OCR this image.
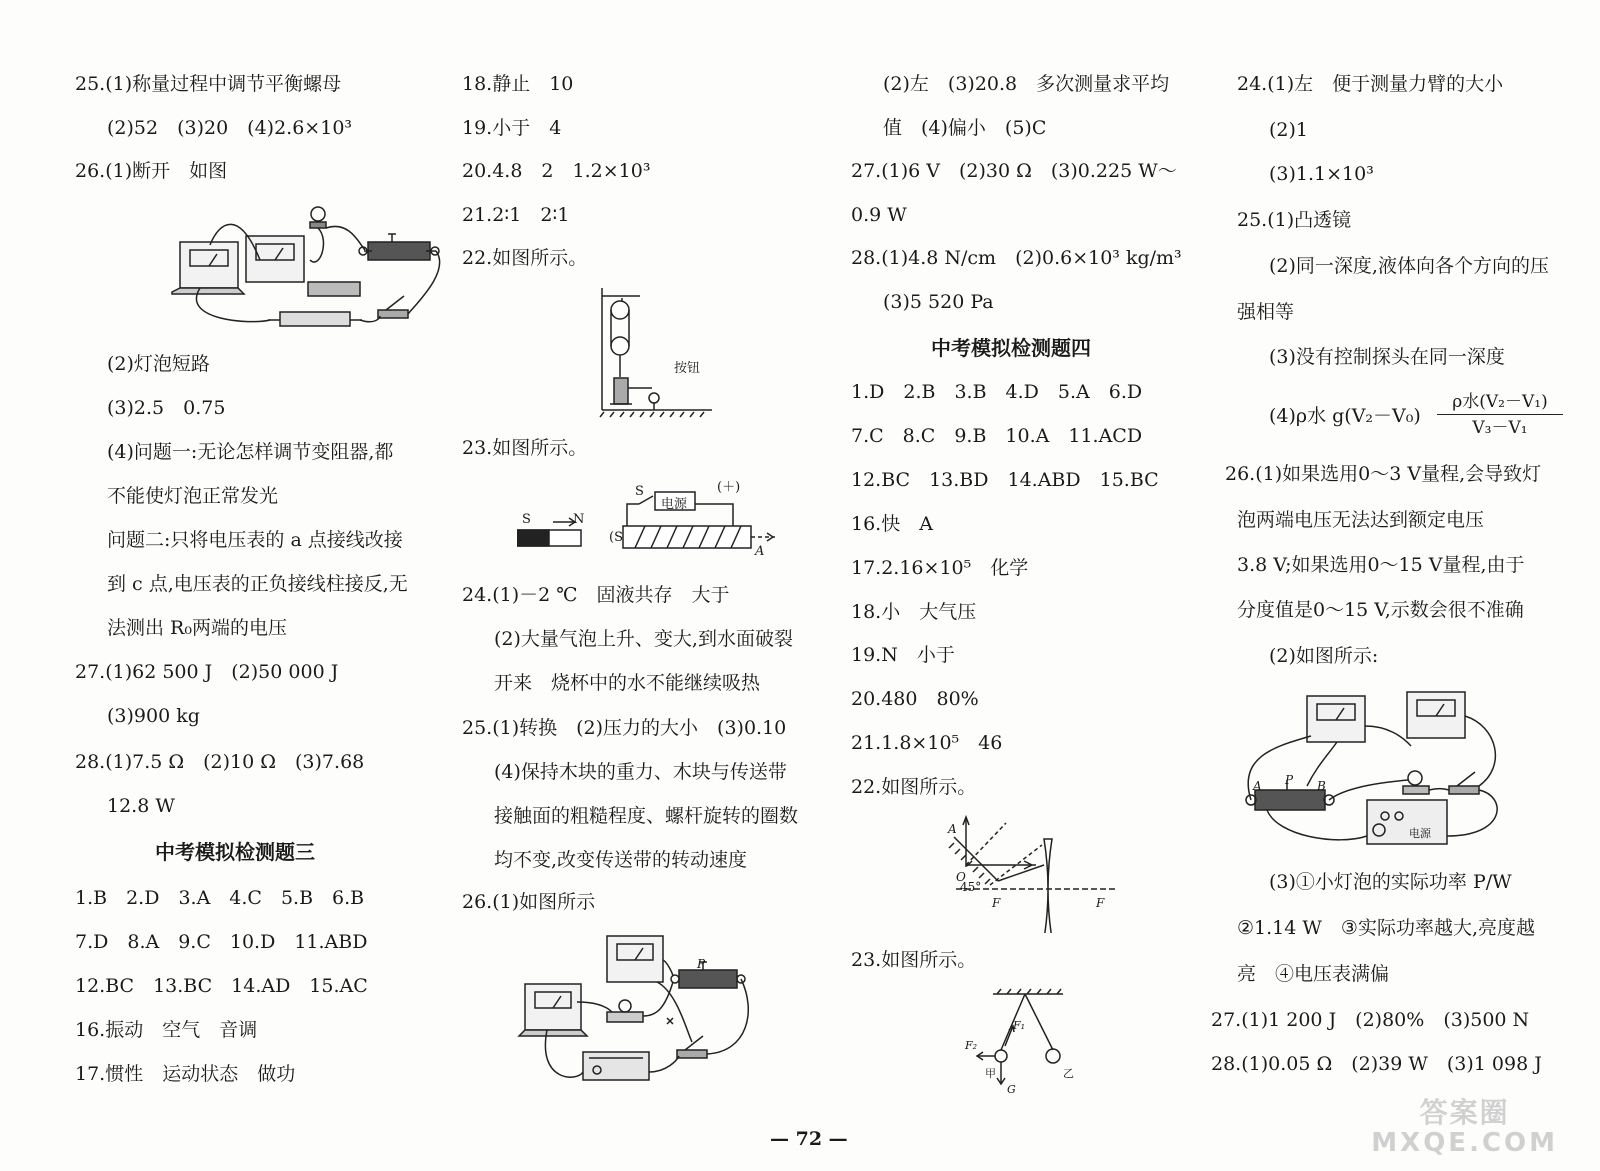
25.(1)称量过程中调节平衡螺母
(2)52　(3)20　(4)2.6×10³
26.(1)断开　如图
(2)灯泡短路
(3)2.5　0.75
(4)问题一:无论怎样调节变阻器,都
不能使灯泡正常发光
问题二:只将电压表的 a 点接线改接
到 c 点,电压表的正负接线柱接反,无
法测出 R₀两端的电压
27.(1)62 500 J　(2)50 000 J
(3)900 kg
28.(1)7.5 Ω　(2)10 Ω　(3)7.68
12.8 W
中考模拟检测题三
1.B　2.D　3.A　4.C　5.B　6.B
7.D　8.A　9.C　10.D　11.ABD
12.BC　13.BC　14.AD　15.AC
16.振动　空气　音调
17.惯性　运动状态　做功
18.静止　10
19.小于　4
20.4.8　2　1.2×10³
21.2∶1　2∶1
22.如图所示。
按钮
23.如图所示。
S	N
(S
A
S	(＋)
电源
24.(1)－2 ℃　固液共存　大于
(2)大量气泡上升、变大,到水面破裂
开来　烧杯中的水不能继续吸热
25.(1)转换　(2)压力的大小　(3)0.10
(4)保持木块的重力、木块与传送带
接触面的粗糙程度、螺杆旋转的圈数
均不变,改变传送带的转动速度
26.(1)如图所示
P
(2)左　(3)20.8　多次测量求平均
值　(4)偏小　(5)C
27.(1)6 V　(2)30 Ω　(3)0.225 W～
0.9 W
28.(1)4.8 N/cm　(2)0.6×10³ kg/m³
(3)5 520 Pa
中考模拟检测题四
1.D　2.B　3.B　4.D　5.A　6.D
7.C　8.C　9.B　10.A　11.ACD
12.BC　13.BD　14.ABD　15.BC
16.快　A
17.2.16×10⁵　化学
18.小　大气压
19.N　小于
20.480　80%
21.1.8×10⁵　46
22.如图所示。
A
O
45°
F	F
23.如图所示。
F₂
F₁
甲	乙
G
24.(1)左　便于测量力臂的大小
(2)1
(3)1.1×10³
25.(1)凸透镜
(2)同一深度,液体向各个方向的压
强相等
(3)没有控制探头在同一深度
(4)ρ水 g(V₂－V₀)
ρ水(V₂－V₁)
V₃－V₁
26.(1)如果选用0～3 V量程,会导致灯
泡两端电压无法达到额定电压
3.8 V;如果选用0～15 V量程,由于
分度值是0～15 V,示数会很不准确
(2)如图所示:
A P B
电源
(3)①小灯泡的实际功率 P/W
②1.14 W　③实际功率越大,亮度越
亮　④电压表满偏
27.(1)1 200 J　(2)80%　(3)500 N
28.(1)0.05 Ω　(2)39 W　(3)1 098 J
— 72 —
答案圈
MXQE.COM
